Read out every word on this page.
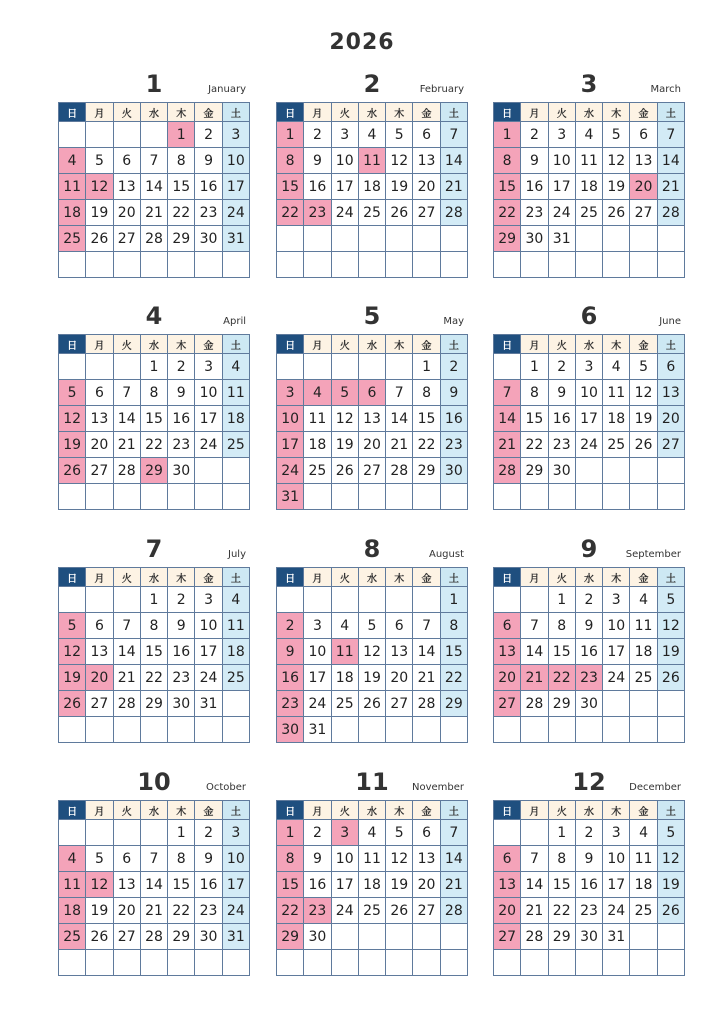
2026
1	January
日	月	火	水	木	金	土
				1	2	3
4	5	6	7	8	9	10
11	12	13	14	15	16	17
18	19	20	21	22	23	24
25	26	27	28	29	30	31

2	February
日	月	火	水	木	金	土
1	2	3	4	5	6	7
8	9	10	11	12	13	14
15	16	17	18	19	20	21
22	23	24	25	26	27	28

3	March
日	月	火	水	木	金	土
1	2	3	4	5	6	7
8	9	10	11	12	13	14
15	16	17	18	19	20	21
22	23	24	25	26	27	28
29	30	31				

4	April
日	月	火	水	木	金	土
			1	2	3	4
5	6	7	8	9	10	11
12	13	14	15	16	17	18
19	20	21	22	23	24	25
26	27	28	29	30		

5	May
日	月	火	水	木	金	土
					1	2
3	4	5	6	7	8	9
10	11	12	13	14	15	16
17	18	19	20	21	22	23
24	25	26	27	28	29	30
31						
6	June
日	月	火	水	木	金	土
	1	2	3	4	5	6
7	8	9	10	11	12	13
14	15	16	17	18	19	20
21	22	23	24	25	26	27
28	29	30				

7	July
日	月	火	水	木	金	土
			1	2	3	4
5	6	7	8	9	10	11
12	13	14	15	16	17	18
19	20	21	22	23	24	25
26	27	28	29	30	31	

8	August
日	月	火	水	木	金	土
						1
2	3	4	5	6	7	8
9	10	11	12	13	14	15
16	17	18	19	20	21	22
23	24	25	26	27	28	29
30	31					
9	September
日	月	火	水	木	金	土
		1	2	3	4	5
6	7	8	9	10	11	12
13	14	15	16	17	18	19
20	21	22	23	24	25	26
27	28	29	30			

10	October
日	月	火	水	木	金	土
				1	2	3
4	5	6	7	8	9	10
11	12	13	14	15	16	17
18	19	20	21	22	23	24
25	26	27	28	29	30	31

11	November
日	月	火	水	木	金	土
1	2	3	4	5	6	7
8	9	10	11	12	13	14
15	16	17	18	19	20	21
22	23	24	25	26	27	28
29	30					

12	December
日	月	火	水	木	金	土
		1	2	3	4	5
6	7	8	9	10	11	12
13	14	15	16	17	18	19
20	21	22	23	24	25	26
27	28	29	30	31		
